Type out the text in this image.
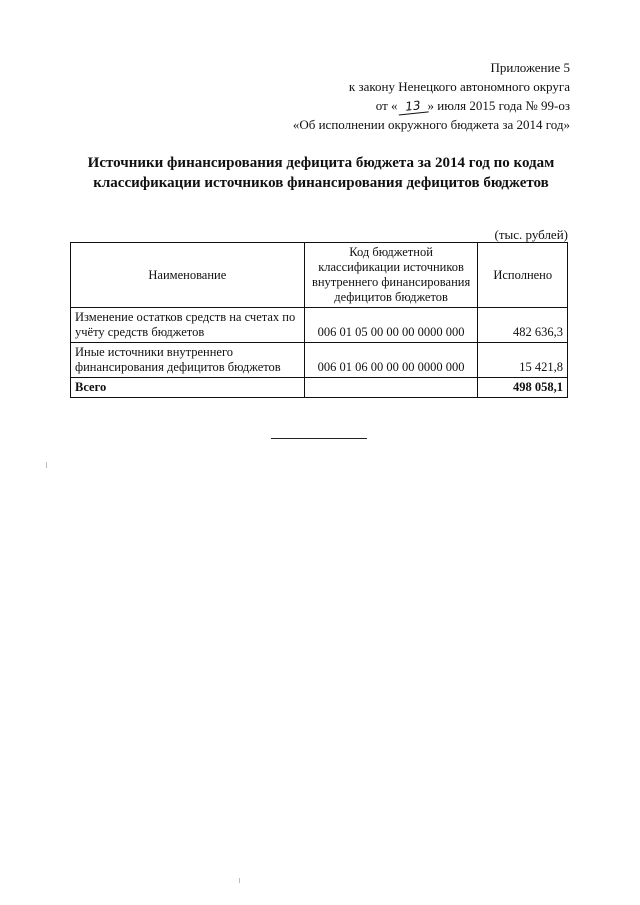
Приложение 5
к закону Ненецкого автономного округа
от « 13 » июля 2015 года № 99-оз
«Об исполнении окружного бюджета за 2014 год»
Источники финансирования дефицита бюджета за 2014 год по кодам
классификации источников финансирования дефицитов бюджетов
(тыс. рублей)
Наименование	Код бюджетной классификации источников внутреннего финансирования дефицитов бюджетов	Исполнено
Изменение остатков средств на счетах по учёту средств бюджетов	006 01 05 00 00 00 0000 000	482 636,3
Иные источники внутреннего финансирования дефицитов бюджетов	006 01 06 00 00 00 0000 000	15 421,8
Всего		498 058,1
